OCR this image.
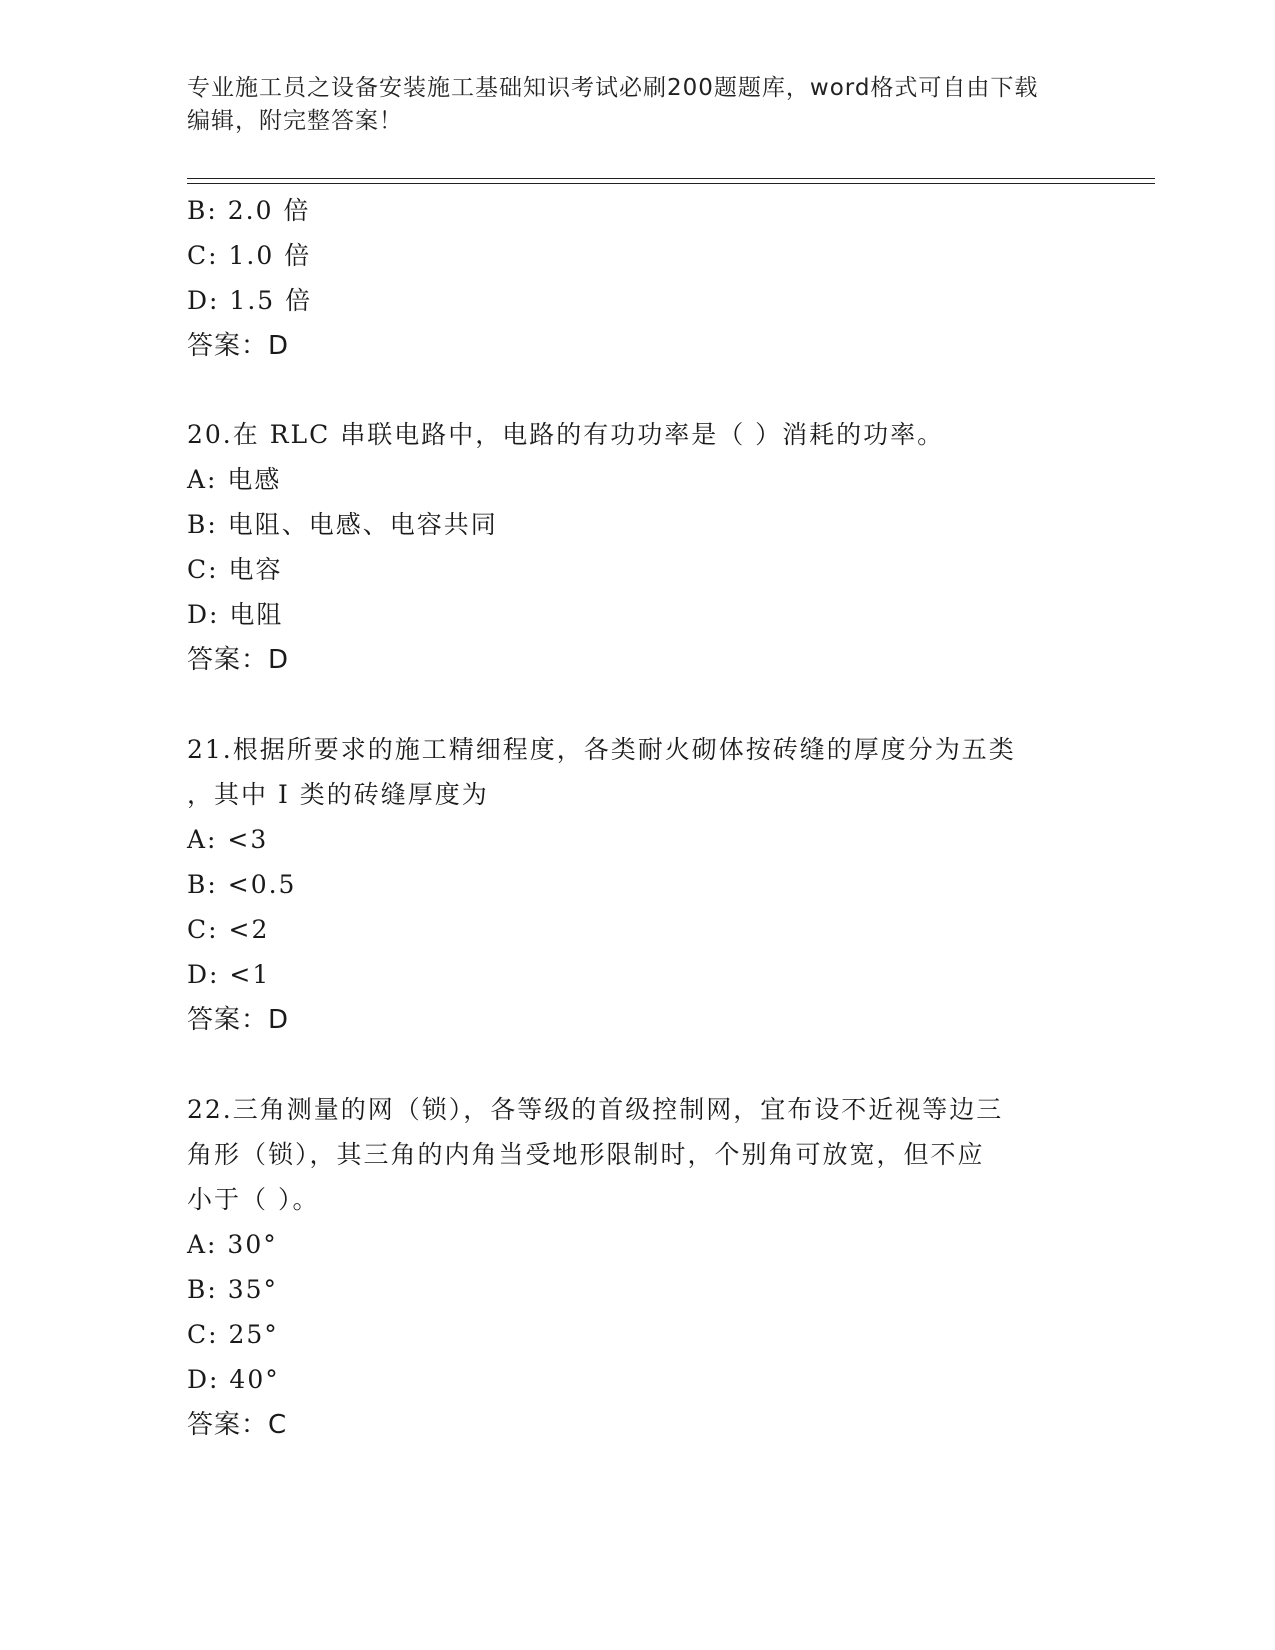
专业施工员之设备安装施工基础知识考试必刷200题题库，word格式可自由下载
编辑，附完整答案！
B: 2.0 倍
C: 1.0 倍
D: 1.5 倍
答案：D
20.在 RLC 串联电路中，电路的有功功率是（ ）消耗的功率。
A: 电感
B: 电阻、电感、电容共同
C: 电容
D: 电阻
答案：D
21.根据所要求的施工精细程度，各类耐火砌体按砖缝的厚度分为五类
，其中 I 类的砖缝厚度为
A: <3
B: <0.5
C: <2
D: <1
答案：D
22.三角测量的网（锁），各等级的首级控制网，宜布设不近视等边三
角形（锁），其三角的内角当受地形限制时，个别角可放宽，但不应
小于（ ）。
A: 30°
B: 35°
C: 25°
D: 40°
答案：C
